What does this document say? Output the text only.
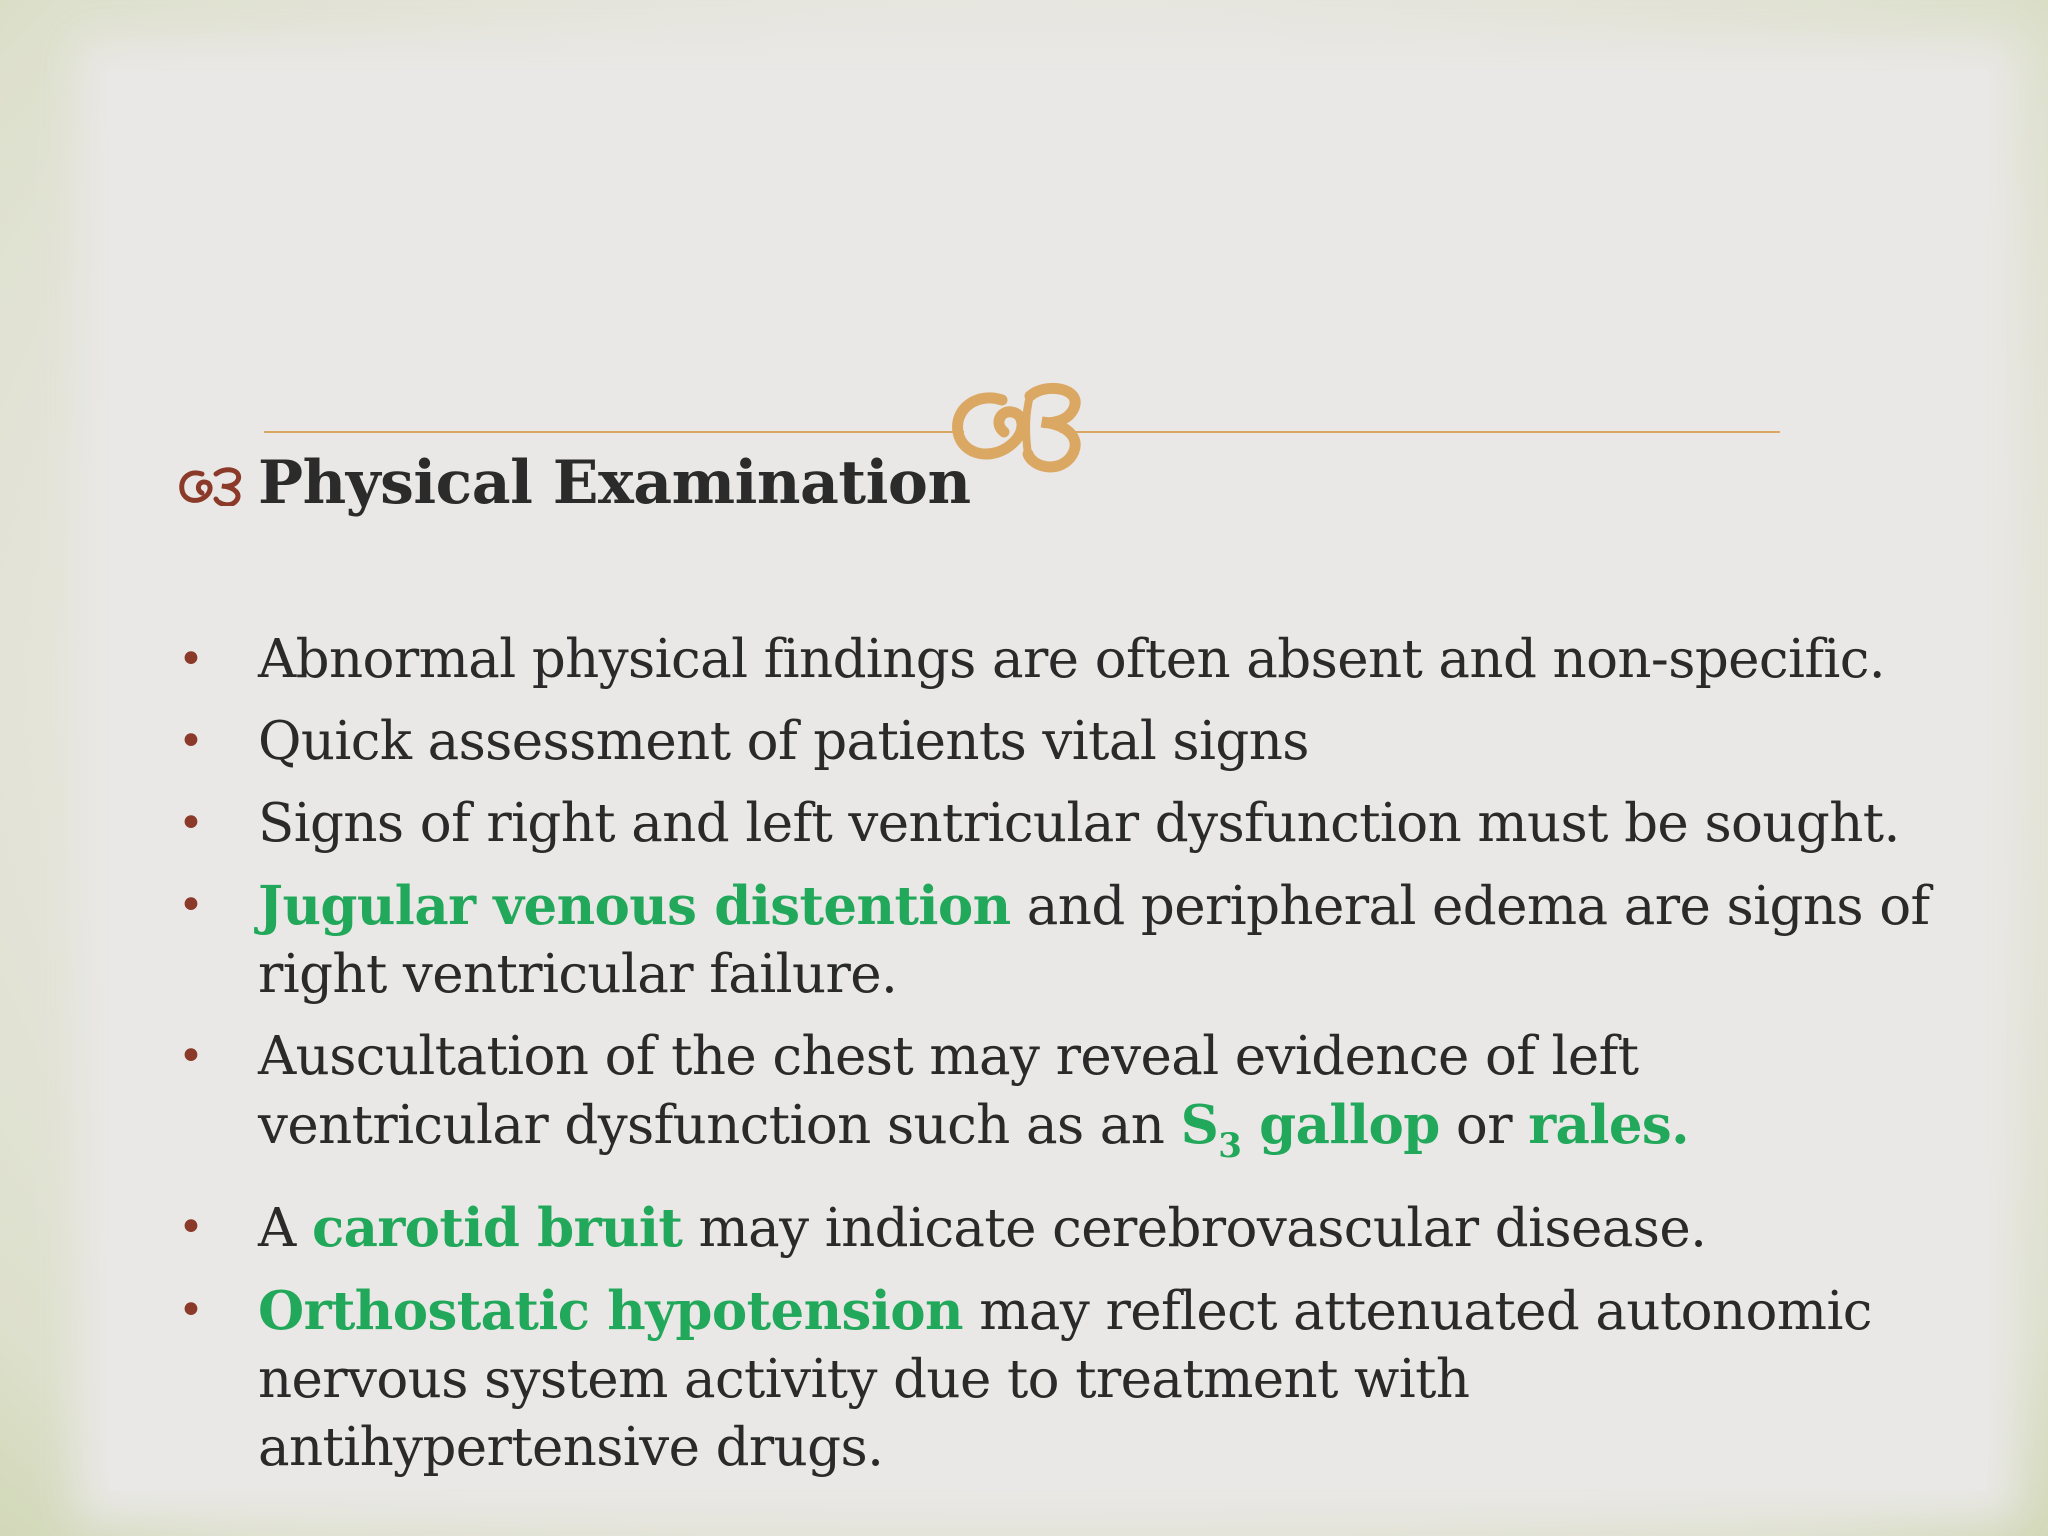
Physical Examination
•	Abnormal physical findings are often absent and non-specific.
•	Quick assessment of patients vital signs
•	Signs of right and left ventricular dysfunction must be sought.
•	Jugular venous distention and peripheral edema are signs of
right ventricular failure.
•	Auscultation of the chest may reveal evidence of left
ventricular dysfunction such as an $S_3$ gallop or rales.
•	A carotid bruit may indicate cerebrovascular disease.
•	Orthostatic hypotension may reflect attenuated autonomic
nervous system activity due to treatment with
antihypertensive drugs.
